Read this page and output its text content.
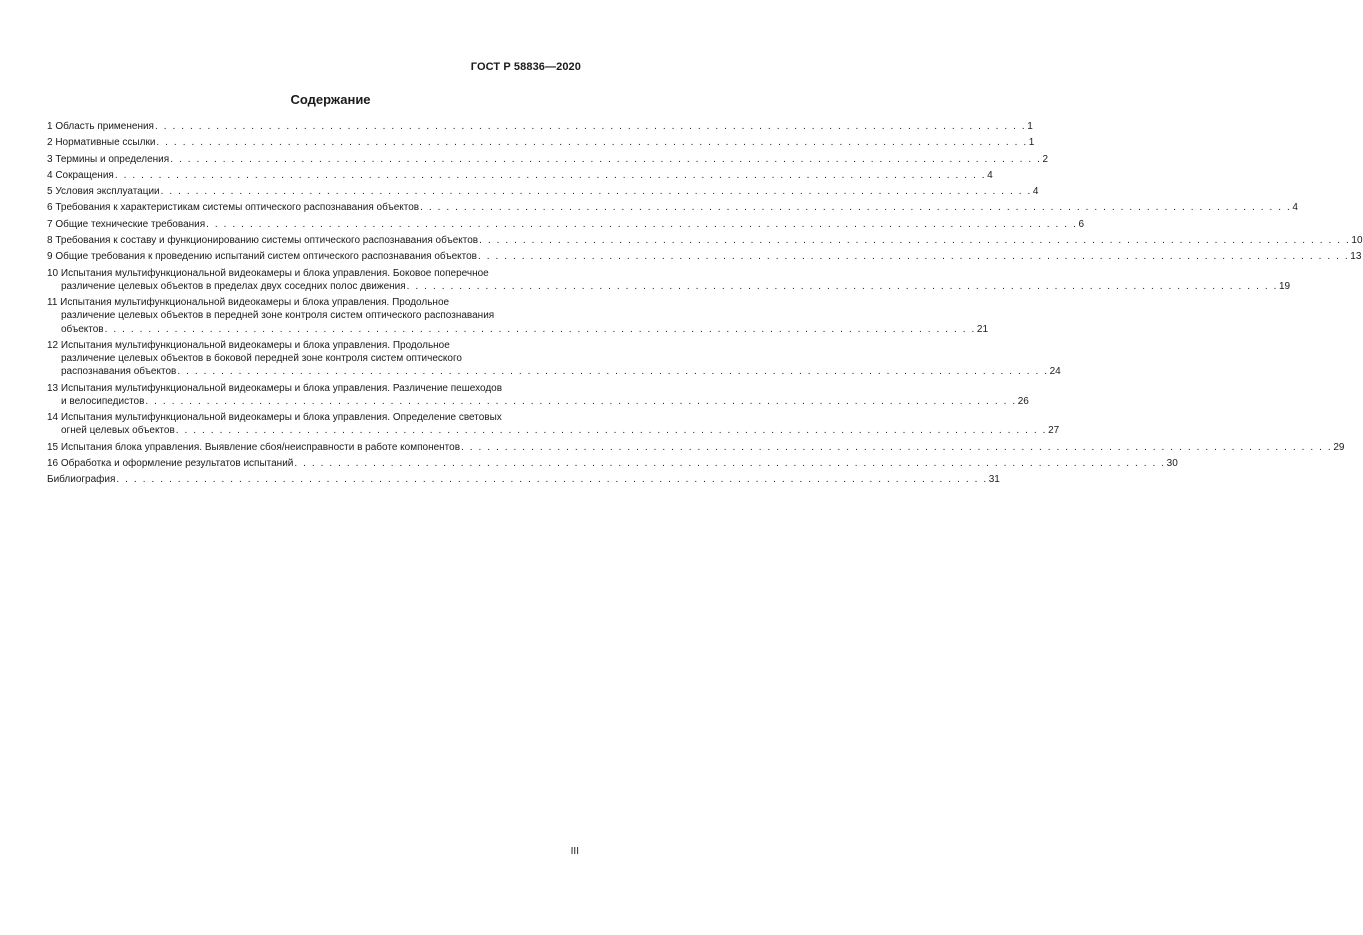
ГОСТ Р 58836—2020
Содержание
1 Область применения . . . . . . . . . . . . . . . . . . . . . . . . . . . . . . . . . . . . . . . . . . . . . . . . . . . . . . . . . . . . . . . . . . . . . . . . . . . . . . . . . . . . . . . . . . . . . . . . . . . . 1
2 Нормативные ссылки . . . . . . . . . . . . . . . . . . . . . . . . . . . . . . . . . . . . . . . . . . . . . . . . . . . . . . . . . . . . . . . . . . . . . . . . . . . . . . . . . . . . . . . . . . . . . . . . . . . . 1
3 Термины и определения . . . . . . . . . . . . . . . . . . . . . . . . . . . . . . . . . . . . . . . . . . . . . . . . . . . . . . . . . . . . . . . . . . . . . . . . . . . . . . . . . . . . . . . . . . . . . . . . . . . . 2
4 Сокращения . . . . . . . . . . . . . . . . . . . . . . . . . . . . . . . . . . . . . . . . . . . . . . . . . . . . . . . . . . . . . . . . . . . . . . . . . . . . . . . . . . . . . . . . . . . . . . . . . . . . 4
5 Условия эксплуатации . . . . . . . . . . . . . . . . . . . . . . . . . . . . . . . . . . . . . . . . . . . . . . . . . . . . . . . . . . . . . . . . . . . . . . . . . . . . . . . . . . . . . . . . . . . . . . . . . . . . 4
6 Требования к характеристикам системы оптического распознавания объектов . . . . . . . . . . . . . . . . . . . . . . . . . . . . . . . . . . . . . . . . . . . . . . . . . . . . . . . . . . . . . . . . . . . . . . . . . . . . . . . . . . . . . . . . . . . . . . . . . . . . 4
7 Общие технические требования . . . . . . . . . . . . . . . . . . . . . . . . . . . . . . . . . . . . . . . . . . . . . . . . . . . . . . . . . . . . . . . . . . . . . . . . . . . . . . . . . . . . . . . . . . . . . . . . . . . . 6
8 Требования к составу и функционированию системы оптического распознавания объектов . . . . . . . . . . . . . . . . . . . . . . . . . . . . . . . . . . . . . . . . . . . . . . . . . . . . . . . . . . . . . . . . . . . . . . . . . . . . . . . . . . . . . . . . . . . . . . . . . . . . 10
9 Общие требования к проведению испытаний систем оптического распознавания объектов . . . . . . . . . . . . . . . . . . . . . . . . . . . . . . . . . . . . . . . . . . . . . . . . . . . . . . . . . . . . . . . . . . . . . . . . . . . . . . . . . . . . . . . . . . . . . . . . . . . . 13
10 Испытания мультифункциональной видеокамеры и блока управления. Боковое поперечное
различение целевых объектов в пределах двух соседних полос движения . . . . . . . . . . . . . . . . . . . . . . . . . . . . . . . . . . . . . . . . . . . . . . . . . . . . . . . . . . . . . . . . . . . . . . . . . . . . . . . . . . . . . . . . . . . . . . . . . . . . 19
11 Испытания мультифункциональной видеокамеры и блока управления. Продольное
различение целевых объектов в передней зоне контроля систем оптического распознавания
объектов . . . . . . . . . . . . . . . . . . . . . . . . . . . . . . . . . . . . . . . . . . . . . . . . . . . . . . . . . . . . . . . . . . . . . . . . . . . . . . . . . . . . . . . . . . . . . . . . . . . . 21
12 Испытания мультифункциональной видеокамеры и блока управления. Продольное
различение целевых объектов в боковой передней зоне контроля систем оптического
распознавания объектов . . . . . . . . . . . . . . . . . . . . . . . . . . . . . . . . . . . . . . . . . . . . . . . . . . . . . . . . . . . . . . . . . . . . . . . . . . . . . . . . . . . . . . . . . . . . . . . . . . . . 24
13 Испытания мультифункциональной видеокамеры и блока управления. Различение пешеходов
и велосипедистов . . . . . . . . . . . . . . . . . . . . . . . . . . . . . . . . . . . . . . . . . . . . . . . . . . . . . . . . . . . . . . . . . . . . . . . . . . . . . . . . . . . . . . . . . . . . . . . . . . . . 26
14 Испытания мультифункциональной видеокамеры и блока управления. Определение световых
огней целевых объектов . . . . . . . . . . . . . . . . . . . . . . . . . . . . . . . . . . . . . . . . . . . . . . . . . . . . . . . . . . . . . . . . . . . . . . . . . . . . . . . . . . . . . . . . . . . . . . . . . . . . 27
15 Испытания блока управления. Выявление сбоя/неисправности в работе компонентов . . . . . . . . . . . . . . . . . . . . . . . . . . . . . . . . . . . . . . . . . . . . . . . . . . . . . . . . . . . . . . . . . . . . . . . . . . . . . . . . . . . . . . . . . . . . . . . . . . . . 29
16 Обработка и оформление результатов испытаний . . . . . . . . . . . . . . . . . . . . . . . . . . . . . . . . . . . . . . . . . . . . . . . . . . . . . . . . . . . . . . . . . . . . . . . . . . . . . . . . . . . . . . . . . . . . . . . . . . . . 30
Библиография . . . . . . . . . . . . . . . . . . . . . . . . . . . . . . . . . . . . . . . . . . . . . . . . . . . . . . . . . . . . . . . . . . . . . . . . . . . . . . . . . . . . . . . . . . . . . . . . . . . . 31
III
